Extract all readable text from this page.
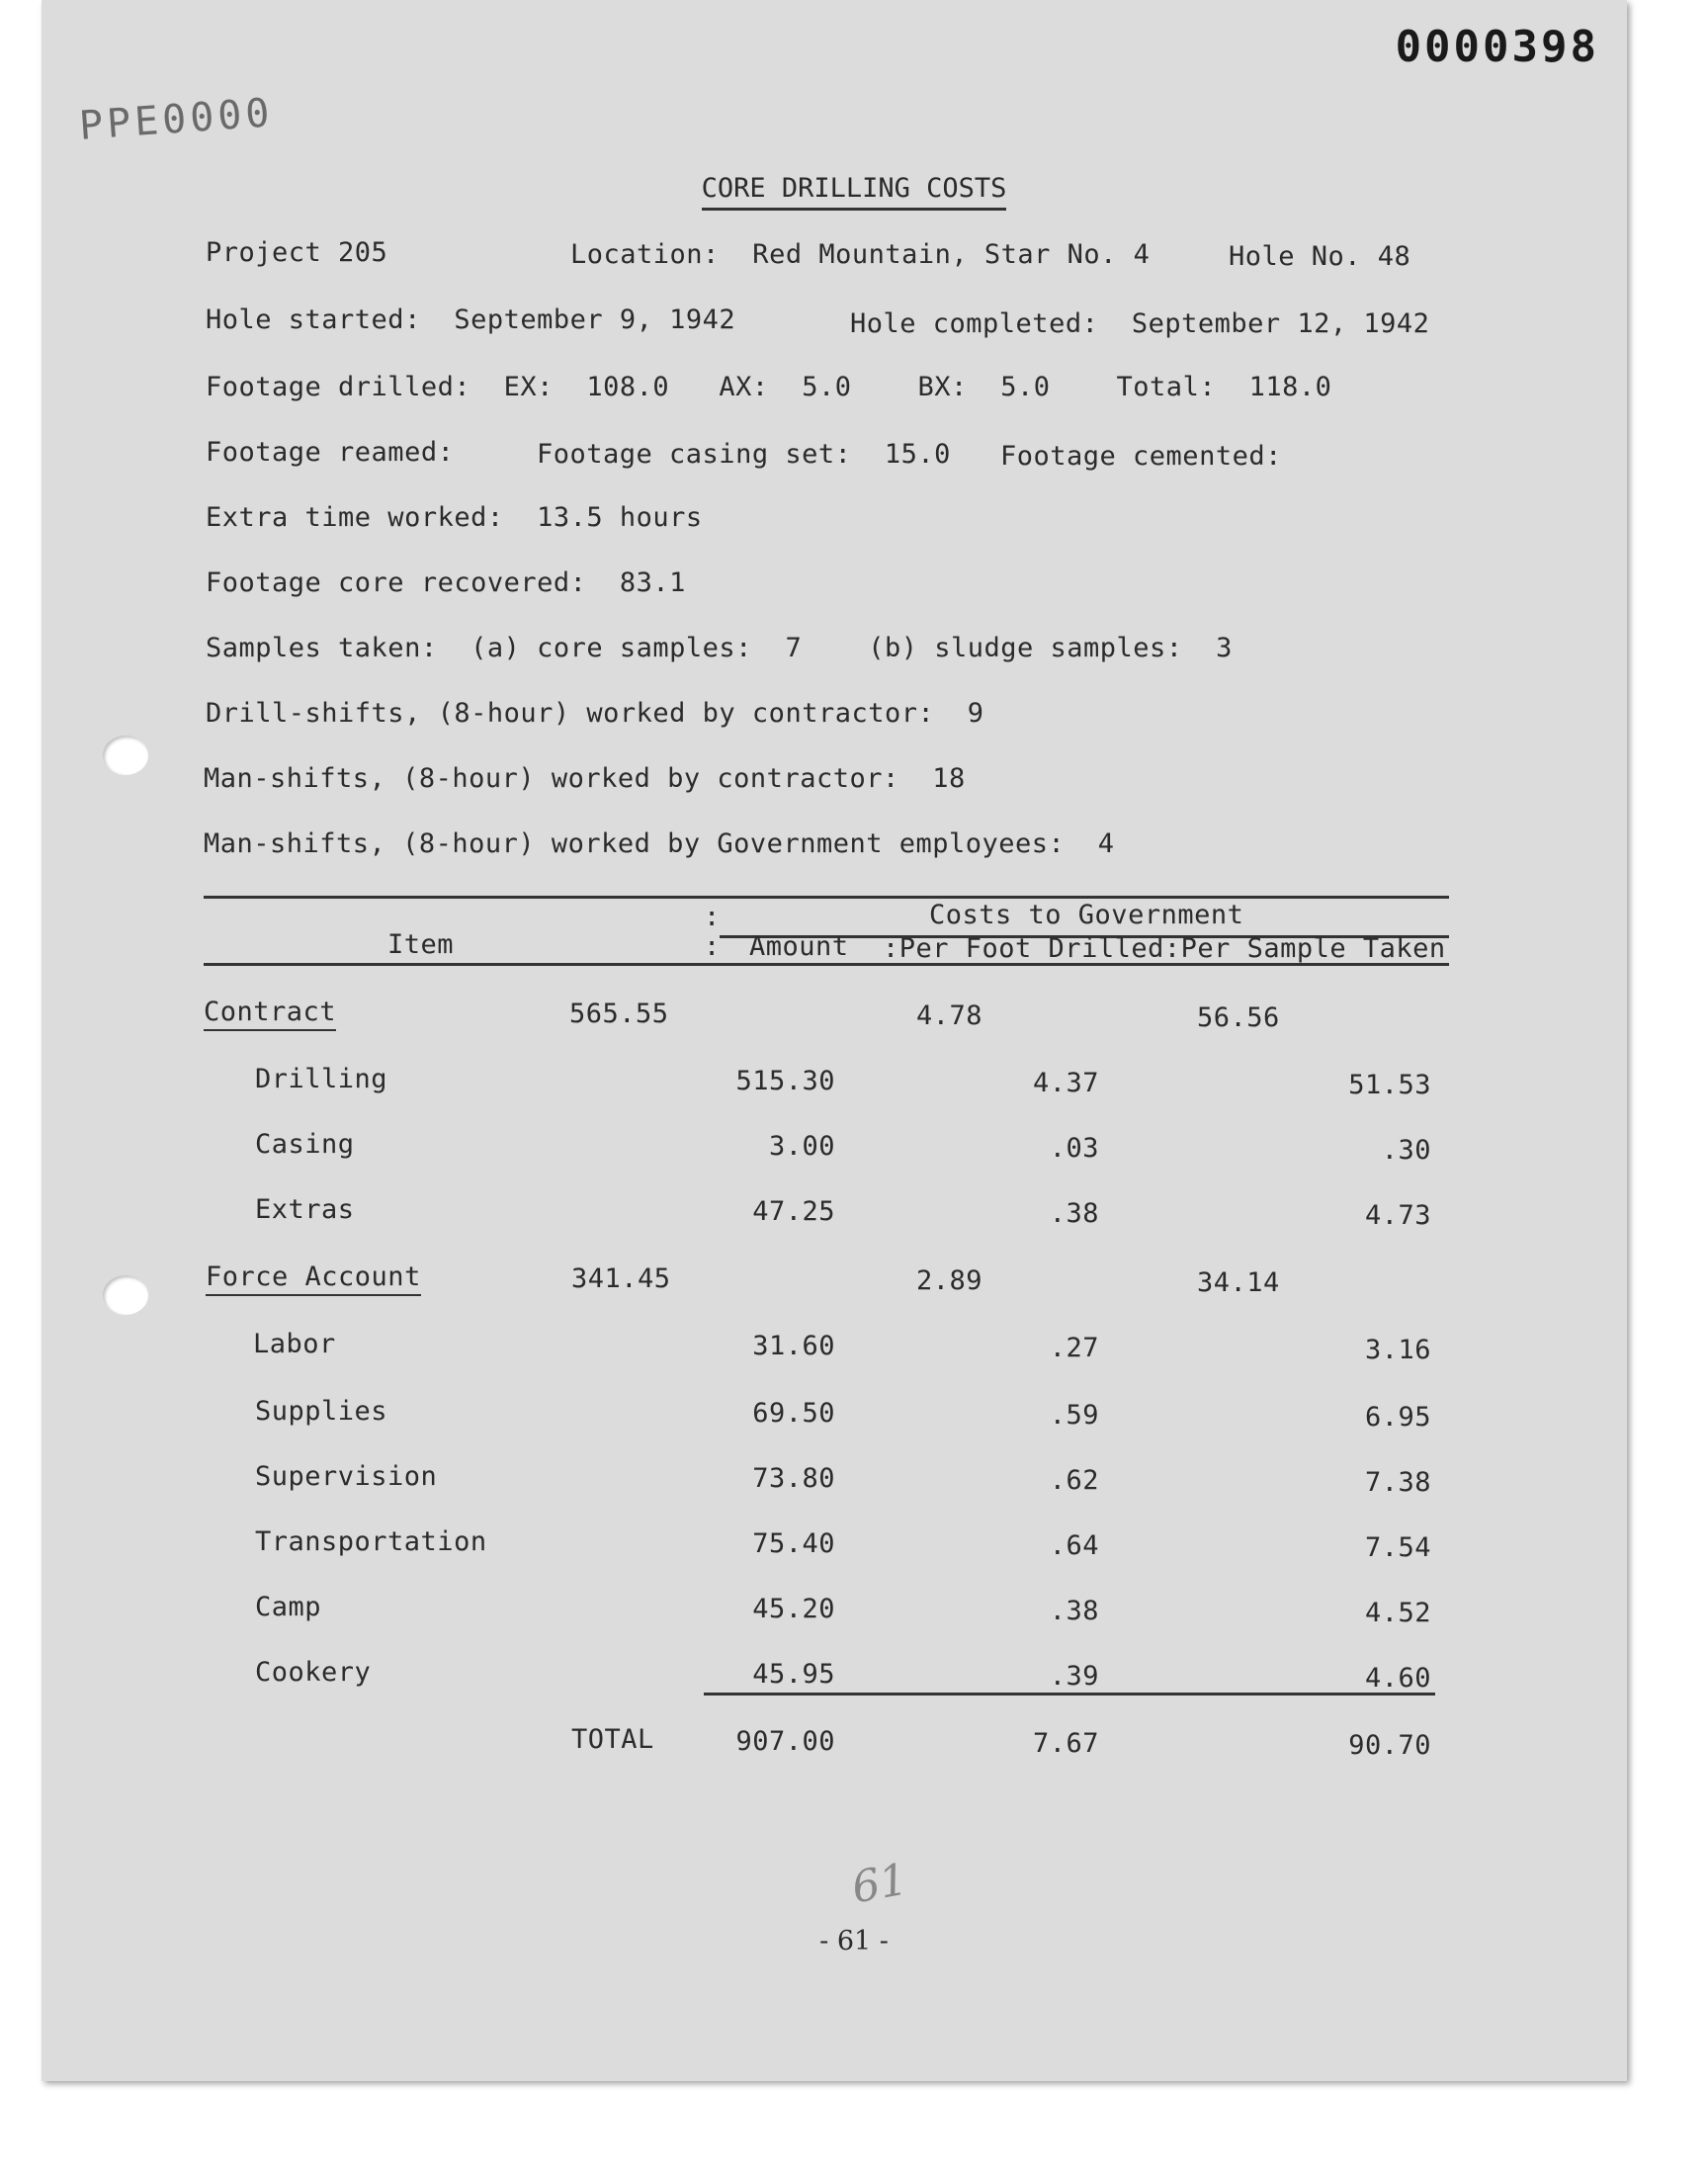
0000398
PPE0000
CORE DRILLING COSTS
Project 205	Location:  Red Mountain, Star No. 4	Hole No. 48
Hole started:  September 9, 1942	Hole completed:  September 12, 1942
Footage drilled:  EX:  108.0   AX:  5.0    BX:  5.0    Total:  118.0
Footage reamed:	Footage casing set:  15.0 Footage cemented:
Extra time worked:  13.5 hours
Footage core recovered:  83.1
Samples taken:  (a) core samples:  7    (b) sludge samples:  3
Drill-shifts, (8-hour) worked by contractor:  9
Man-shifts, (8-hour) worked by contractor:  18
Man-shifts, (8-hour) worked by Government employees:  4
:	Costs to Government
Item	: Amount :Per Foot Drilled:Per Sample Taken
Contract	565.55	4.78	56.56
Drilling	515.30	4.37	51.53
Casing	3.00	.03	.30
Extras	47.25	.38	4.73
Force Account	341.45	2.89	34.14
Labor	31.60	.27	3.16
Supplies	69.50	.59	6.95
Supervision	73.80	.62	7.38
Transportation	75.40	.64	7.54
Camp	45.20	.38	4.52
Cookery	45.95	.39	4.60
TOTAL	907.00	7.67	90.70
61
- 61 -
